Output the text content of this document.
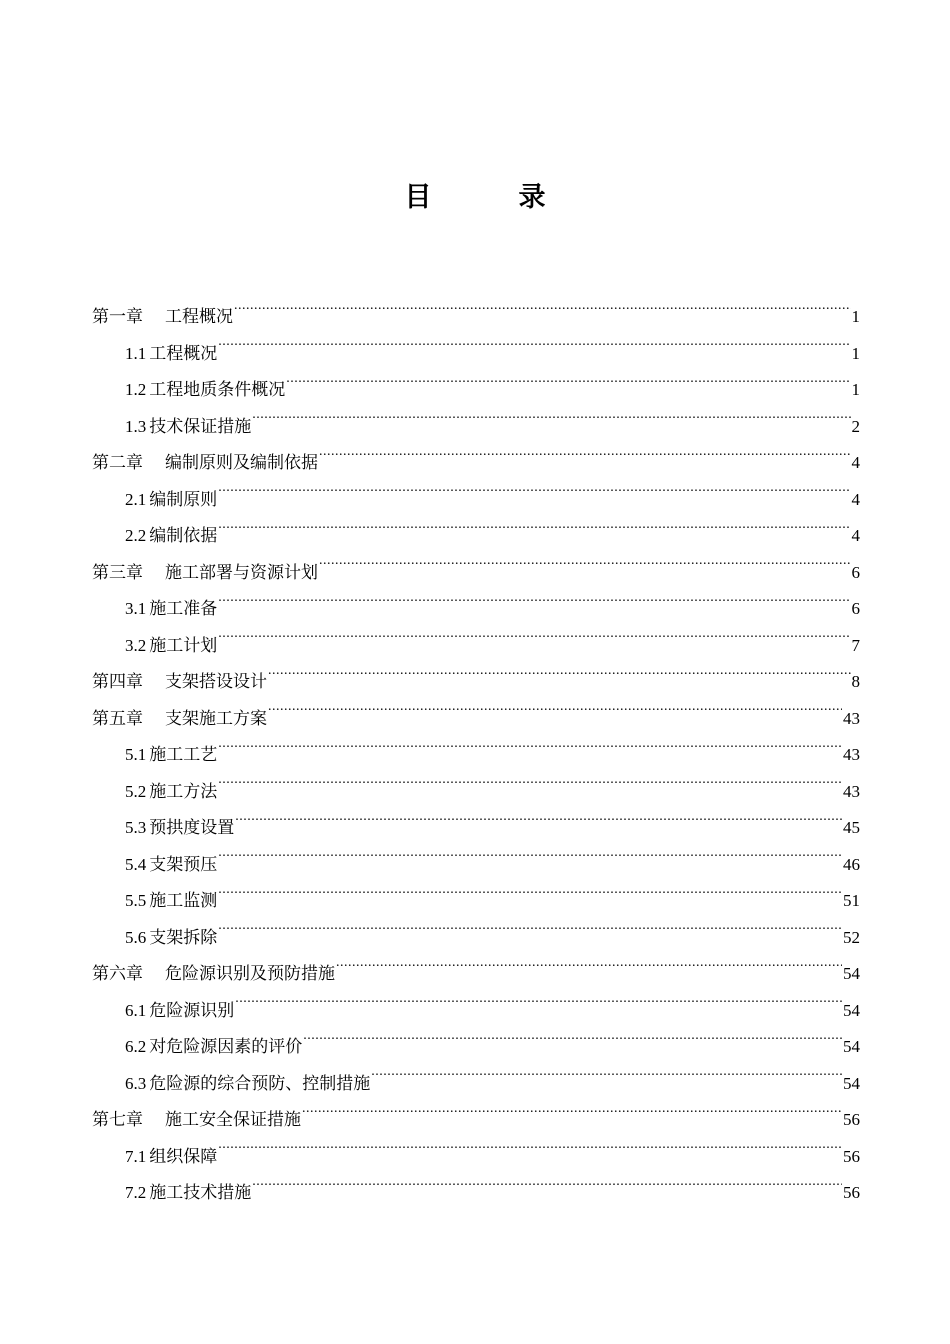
目　录
第一章 工程概况 .....	1
1.1 工程概况 .....	1
1.2 工程地质条件概况 .....	1
1.3 技术保证措施 .....	2
第二章 编制原则及编制依据 .....	4
2.1 编制原则 .....	4
2.2 编制依据 .....	4
第三章 施工部署与资源计划 .....	6
3.1 施工准备 .....	6
3.2 施工计划 .....	7
第四章 支架搭设设计 .....	8
第五章 支架施工方案 .....	43
5.1 施工工艺 .....	43
5.2 施工方法 .....	43
5.3 预拱度设置 .....	45
5.4 支架预压 .....	46
5.5 施工监测 .....	51
5.6 支架拆除 .....	52
第六章 危险源识别及预防措施 .....	54
6.1 危险源识别 .....	54
6.2 对危险源因素的评价 .....	54
6.3 危险源的综合预防、控制措施 .....	54
第七章 施工安全保证措施 .....	56
7.1 组织保障 .....	56
7.2 施工技术措施 .....	56
